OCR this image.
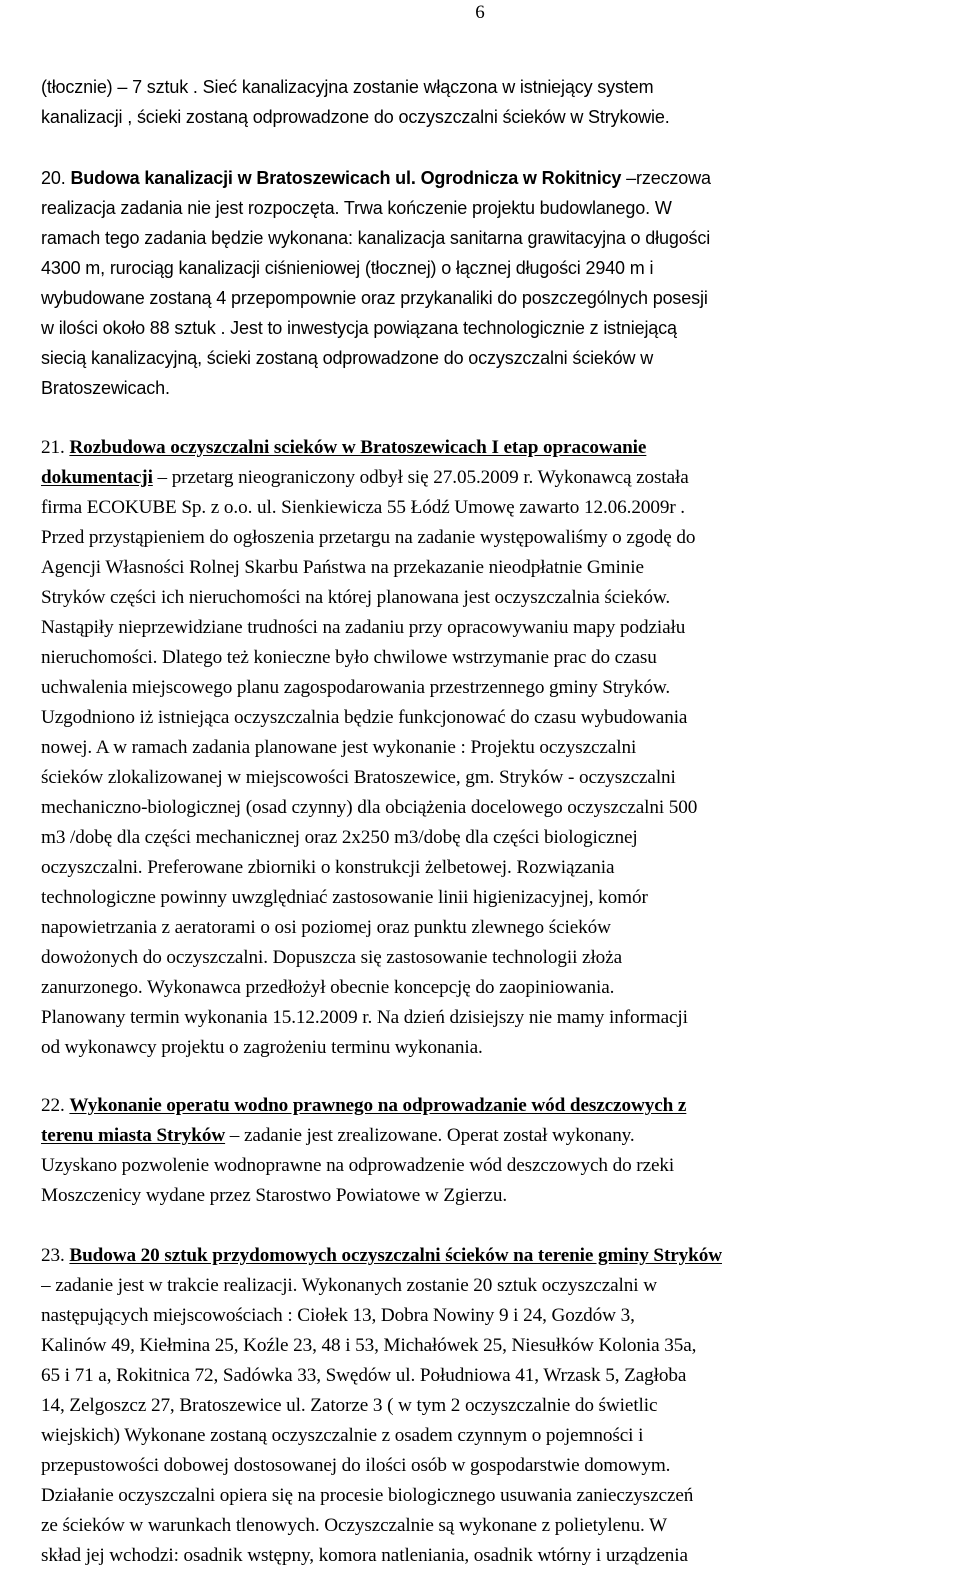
6
(tłocznie) – 7 sztuk . Sieć kanalizacyjna zostanie włączona w istniejący system
kanalizacji , ścieki zostaną odprowadzone do oczyszczalni ścieków w Strykowie.
20. Budowa kanalizacji w Bratoszewicach ul. Ogrodnicza w Rokitnicy –rzeczowa
realizacja zadania nie jest rozpoczęta. Trwa kończenie projektu budowlanego. W
ramach tego zadania będzie wykonana: kanalizacja sanitarna grawitacyjna o długości
4300 m, rurociąg kanalizacji ciśnieniowej (tłocznej) o łącznej długości 2940 m i
wybudowane zostaną 4 przepompownie oraz przykanaliki do poszczególnych posesji
w ilości około 88 sztuk . Jest to inwestycja powiązana technologicznie z istniejącą
siecią kanalizacyjną, ścieki zostaną odprowadzone do oczyszczalni ścieków w
Bratoszewicach.
21. Rozbudowa oczyszczalni scieków w Bratoszewicach I etap opracowanie
dokumentacji – przetarg nieograniczony odbył się 27.05.2009 r. Wykonawcą została
firma ECOKUBE Sp. z o.o. ul. Sienkiewicza 55 Łódź Umowę zawarto 12.06.2009r .
Przed przystąpieniem do ogłoszenia przetargu na zadanie występowaliśmy o zgodę do
Agencji Własności Rolnej Skarbu Państwa na przekazanie nieodpłatnie Gminie
Stryków części ich nieruchomości na której planowana jest oczyszczalnia ścieków.
Nastąpiły nieprzewidziane trudności na zadaniu przy opracowywaniu mapy podziału
nieruchomości. Dlatego też konieczne było chwilowe wstrzymanie prac do czasu
uchwalenia miejscowego planu zagospodarowania przestrzennego gminy Stryków.
Uzgodniono iż istniejąca oczyszczalnia będzie funkcjonować do czasu wybudowania
nowej. A w ramach zadania planowane jest wykonanie : Projektu oczyszczalni
ścieków zlokalizowanej w miejscowości Bratoszewice, gm. Stryków - oczyszczalni
mechaniczno-biologicznej (osad czynny) dla obciążenia docelowego oczyszczalni 500
m3 /dobę dla części mechanicznej oraz 2x250 m3/dobę dla części biologicznej
oczyszczalni. Preferowane zbiorniki o konstrukcji żelbetowej. Rozwiązania
technologiczne powinny uwzględniać zastosowanie linii higienizacyjnej, komór
napowietrzania z aeratorami o osi poziomej oraz punktu zlewnego ścieków
dowożonych do oczyszczalni. Dopuszcza się zastosowanie technologii złoża
zanurzonego. Wykonawca przedłożył obecnie koncepcję do zaopiniowania.
Planowany termin wykonania 15.12.2009 r. Na dzień dzisiejszy nie mamy informacji
od wykonawcy projektu o zagrożeniu terminu wykonania.
22. Wykonanie operatu wodno prawnego na odprowadzanie wód deszczowych z
terenu miasta Stryków – zadanie jest zrealizowane. Operat został wykonany.
Uzyskano pozwolenie wodnoprawne na odprowadzenie wód deszczowych do rzeki
Moszczenicy wydane przez Starostwo Powiatowe w Zgierzu.
23. Budowa 20 sztuk przydomowych oczyszczalni ścieków na terenie gminy Stryków
– zadanie jest w trakcie realizacji. Wykonanych zostanie 20 sztuk oczyszczalni w
następujących miejscowościach : Ciołek 13, Dobra Nowiny 9 i 24, Gozdów 3,
Kalinów 49, Kiełmina 25, Koźle 23, 48 i 53, Michałówek 25, Niesułków Kolonia 35a,
65 i 71 a, Rokitnica 72, Sadówka 33, Swędów ul. Południowa 41, Wrzask 5, Zagłoba
14, Zelgoszcz 27, Bratoszewice ul. Zatorze 3 ( w tym 2 oczyszczalnie do świetlic
wiejskich) Wykonane zostaną oczyszczalnie z osadem czynnym o pojemności i
przepustowości dobowej dostosowanej do ilości osób w gospodarstwie domowym.
Działanie oczyszczalni opiera się na procesie biologicznego usuwania zanieczyszczeń
ze ścieków w warunkach tlenowych. Oczyszczalnie są wykonane z polietylenu. W
skład jej wchodzi: osadnik wstępny, komora natleniania, osadnik wtórny i urządzenia
